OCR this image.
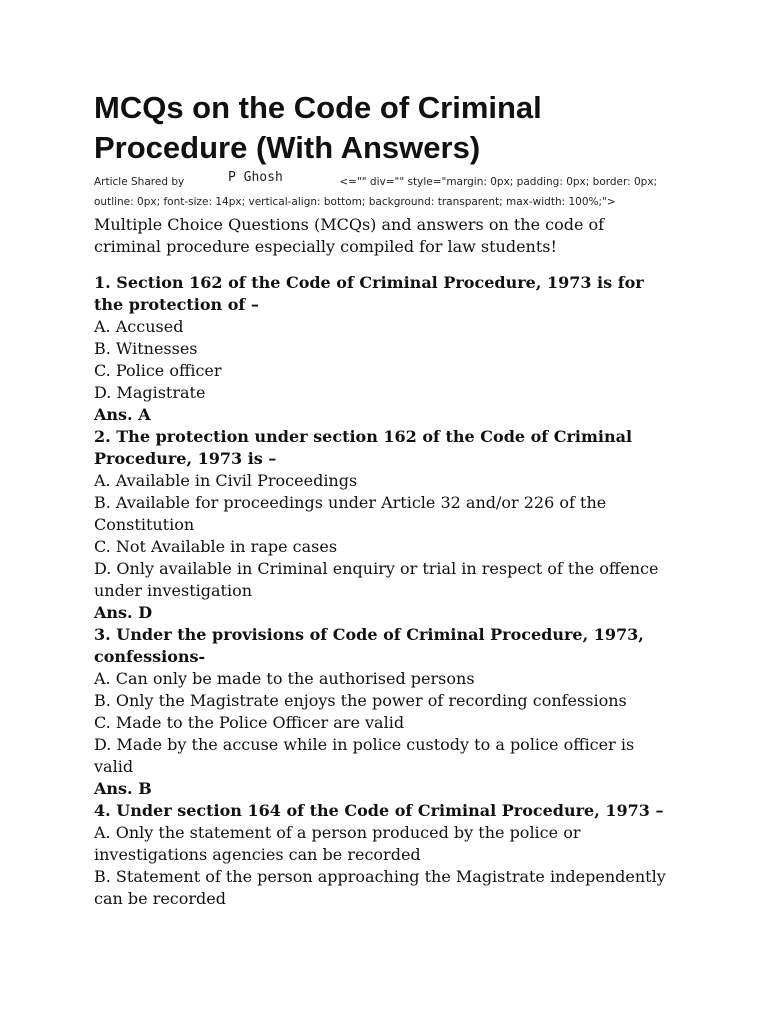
MCQs on the Code of Criminal Procedure (With Answers)
Article Shared by	P Ghosh	<="" div="" style="margin: 0px; padding: 0px; border: 0px;
outline: 0px; font-size: 14px; vertical-align: bottom; background: transparent; max-width: 100%;">
Multiple Choice Questions (MCQs) and answers on the code of criminal procedure especially compiled for law students!
1. Section 162 of the Code of Criminal Procedure, 1973 is for the protection of –
A. Accused
B. Witnesses
C. Police officer
D. Magistrate
Ans. A
2. The protection under section 162 of the Code of Criminal Procedure, 1973 is –
A. Available in Civil Proceedings
B. Available for proceedings under Article 32 and/or 226 of the Constitution
C. Not Available in rape cases
D. Only available in Criminal enquiry or trial in respect of the offence under investigation
Ans. D
3. Under the provisions of Code of Criminal Procedure, 1973, confessions-
A. Can only be made to the authorised persons
B. Only the Magistrate enjoys the power of recording confessions
C. Made to the Police Officer are valid
D. Made by the accuse while in police custody to a police officer is valid
Ans. B
4. Under section 164 of the Code of Criminal Procedure, 1973 –
A. Only the statement of a person produced by the police or investigations agencies can be recorded
B. Statement of the person approaching the Magistrate independently can be recorded
